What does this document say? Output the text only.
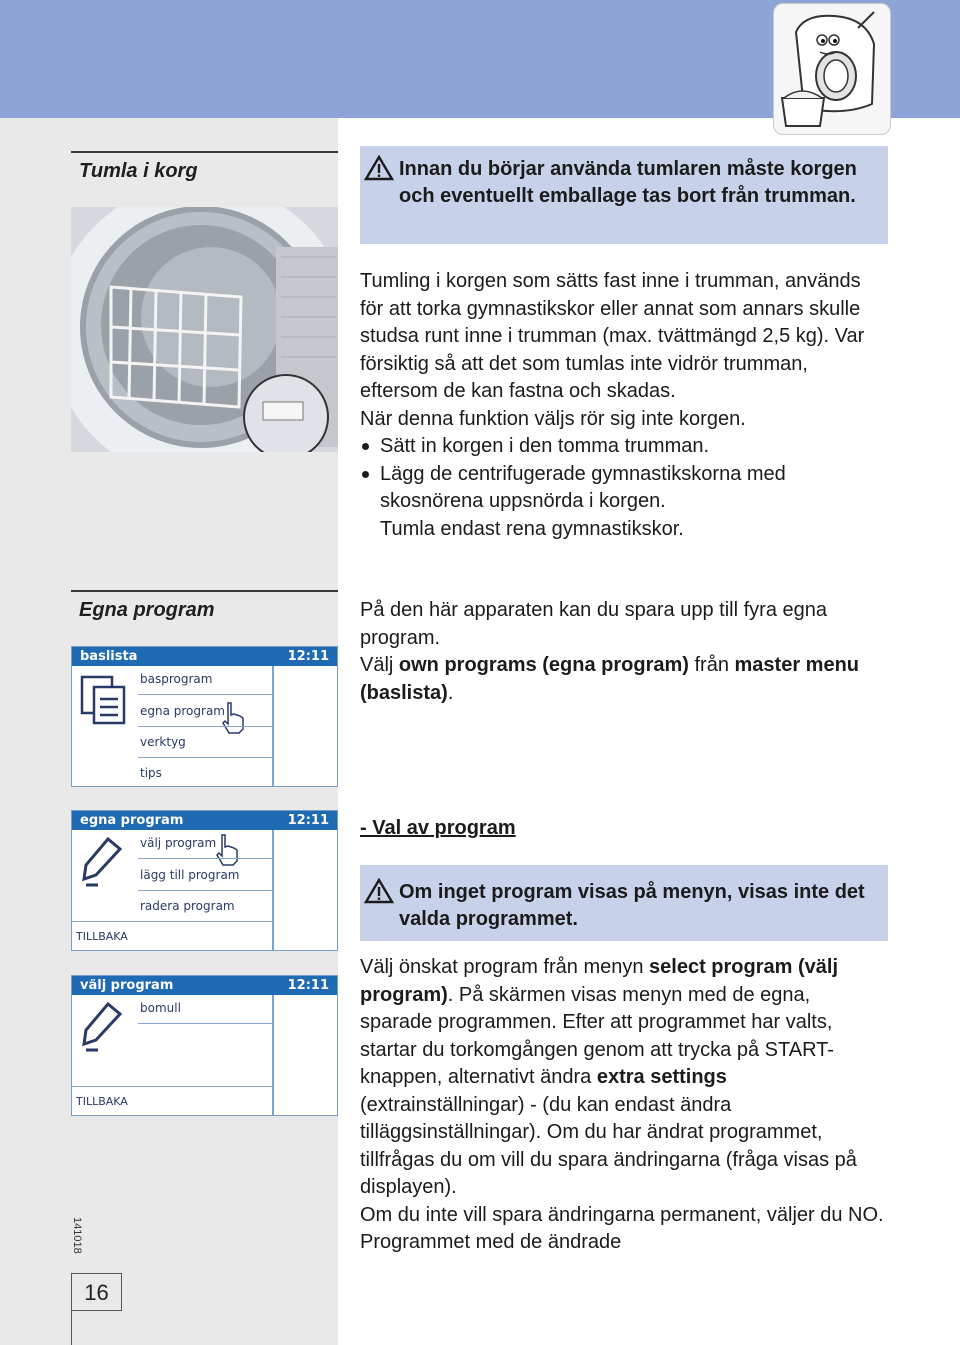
Tumla i korg	Innan du börjar använda tumlaren måste korgen och eventuellt emballage tas bort från trumman.

Tumling i korgen som sätts fast inne i trumman, används för att torka gymnastikskor eller annat som annars skulle studsa runt inne i trumman (max. tvättmängd 2,5 kg). Var försiktig så att det som tumlas inte vidrör trumman, eftersom de kan fastna och skadas.

När denna funktion väljs rör sig inte korgen.

Sätt in korgen i den tomma trumman.

Lägg de centrifugerade gymnastikskorna med skosnörena uppsnörda i korgen.

Tumla endast rena gymnastikskor.

Egna program	På den här apparaten kan du spara upp till fyra egna program.

Välj own programs (egna program) från master menu (baslista).

baslista	12:11
basprogram
egna program
verktyg
tips
egna program	12:11
välj program
lägg till program
radera program
TILLBAKA
välj program	12:11
bomull
TILLBAKA
- Val av program
Om inget program visas på menyn, visas inte det valda programmet.

Välj önskat program från menyn select program (välj program). På skärmen visas menyn med de egna, sparade programmen. Efter att programmet har valts, startar du torkomgången genom att trycka på START-knappen, alternativt ändra extra settings (extrainställningar) - (du kan endast ändra tilläggsinställningar). Om du har ändrat programmet, tillfrågas du om vill du spara ändringarna (fråga visas på displayen).

Om du inte vill spara ändringarna permanent, väljer du NO. Programmet med de ändrade

141018
16
